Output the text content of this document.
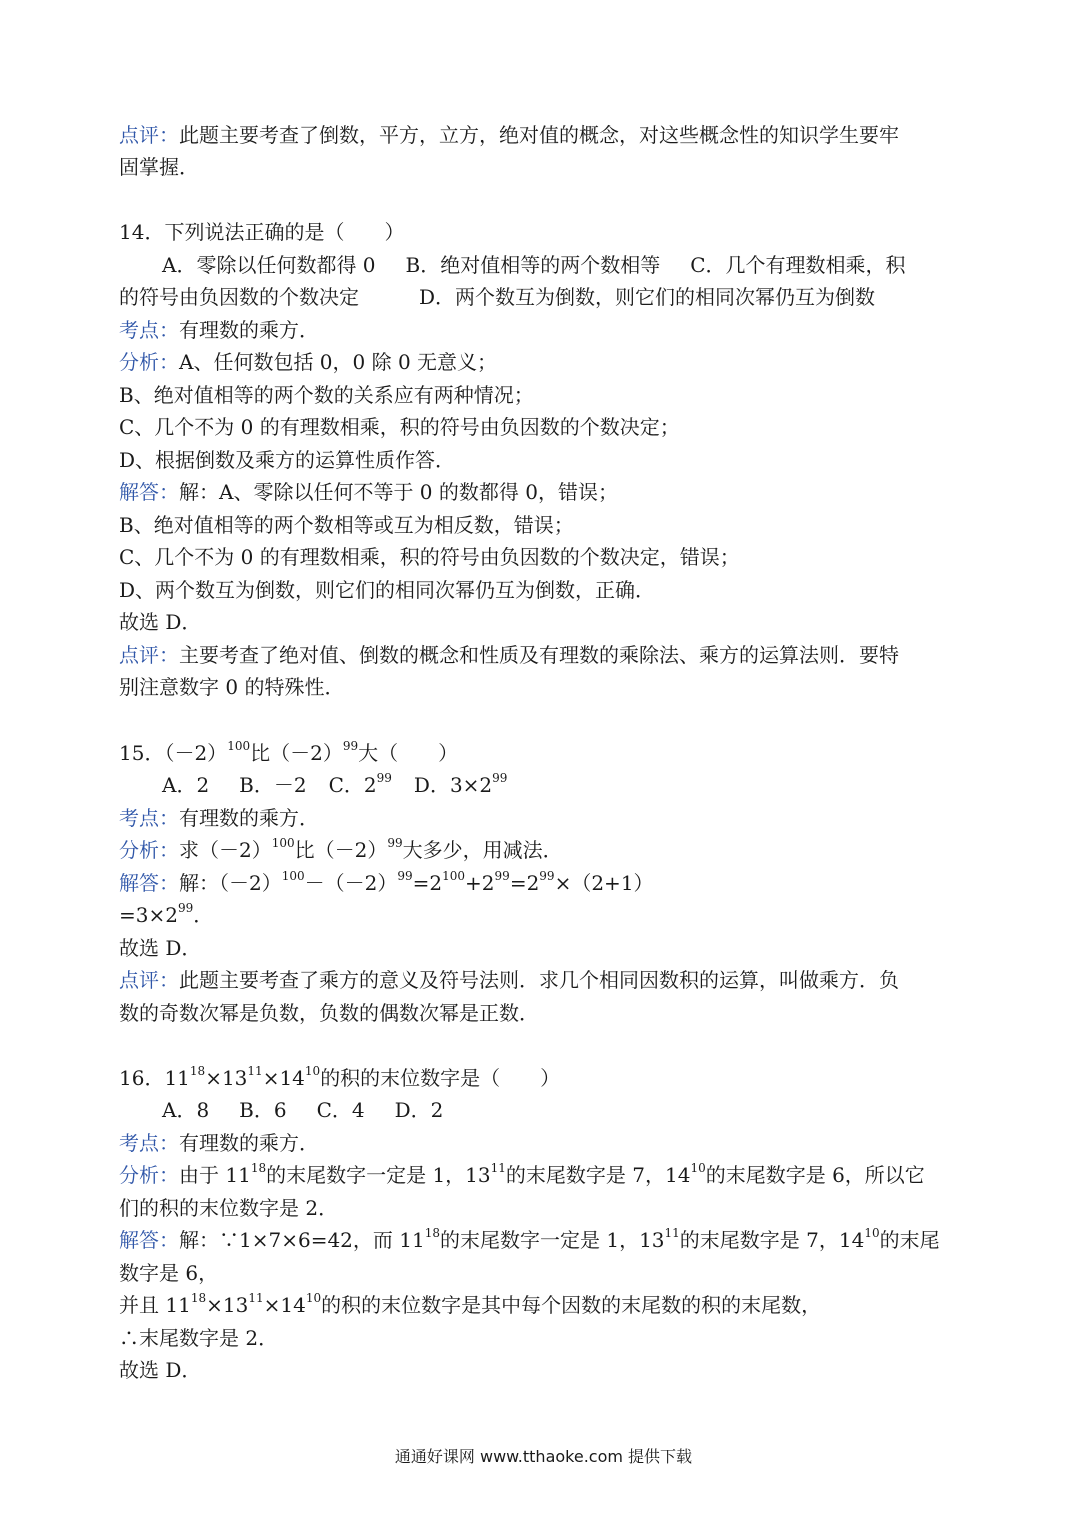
点评：此题主要考查了倒数，平方，立方，绝对值的概念，对这些概念性的知识学生要牢
固掌握．
14．下列说法正确的是（　　）
A．零除以任何数都得 0 B．绝对值相等的两个数相等 C．几个有理数相乘，积
的符号由负因数的个数决定	D．两个数互为倒数，则它们的相同次幂仍互为倒数
考点：有理数的乘方．
分析：A、任何数包括 0，0 除 0 无意义；
B、绝对值相等的两个数的关系应有两种情况；
C、几个不为 0 的有理数相乘，积的符号由负因数的个数决定；
D、根据倒数及乘方的运算性质作答．
解答：解：A、零除以任何不等于 0 的数都得 0，错误；
B、绝对值相等的两个数相等或互为相反数，错误；
C、几个不为 0 的有理数相乘，积的符号由负因数的个数决定，错误；
D、两个数互为倒数，则它们的相同次幂仍互为倒数，正确．
故选 D．
点评：主要考查了绝对值、倒数的概念和性质及有理数的乘除法、乘方的运算法则．要特
别注意数字 0 的特殊性．
15．$(-2)^{100}$比$(-2)^{99}$大（　　）
A．2 B．－2 C．$2^{99}$ D．$3\times 2^{99}$
考点：有理数的乘方．
分析：求$(-2)^{100}$比$(-2)^{99}$大多少，用减法．
解答：解：$(-2)^{100}-(-2)^{99}=2^{100}+2^{99}=2^{99}\times(2+1)$
$=3\times 2^{99}$．
故选 D．
点评：此题主要考查了乘方的意义及符号法则．求几个相同因数积的运算，叫做乘方．负
数的奇数次幂是负数，负数的偶数次幂是正数．
16．$11^{18}\times 13^{11}\times 14^{10}$的积的末位数字是（　　）
A．8 B．6 C．4 D．2
考点：有理数的乘方．
分析：由于 $11^{18}$的末尾数字一定是 1，$13^{11}$的末尾数字是 7，$14^{10}$的末尾数字是 6，所以它
们的积的末位数字是 2．
解答：解：∵1×7×6=42，而 $11^{18}$的末尾数字一定是 1，$13^{11}$的末尾数字是 7，$14^{10}$的末尾
数字是 6，
并且 $11^{18}\times 13^{11}\times 14^{10}$的积的末位数字是其中每个因数的末尾数的积的末尾数，
∴末尾数字是 2．
故选 D．
通通好课网 www.tthaoke.com 提供下载
